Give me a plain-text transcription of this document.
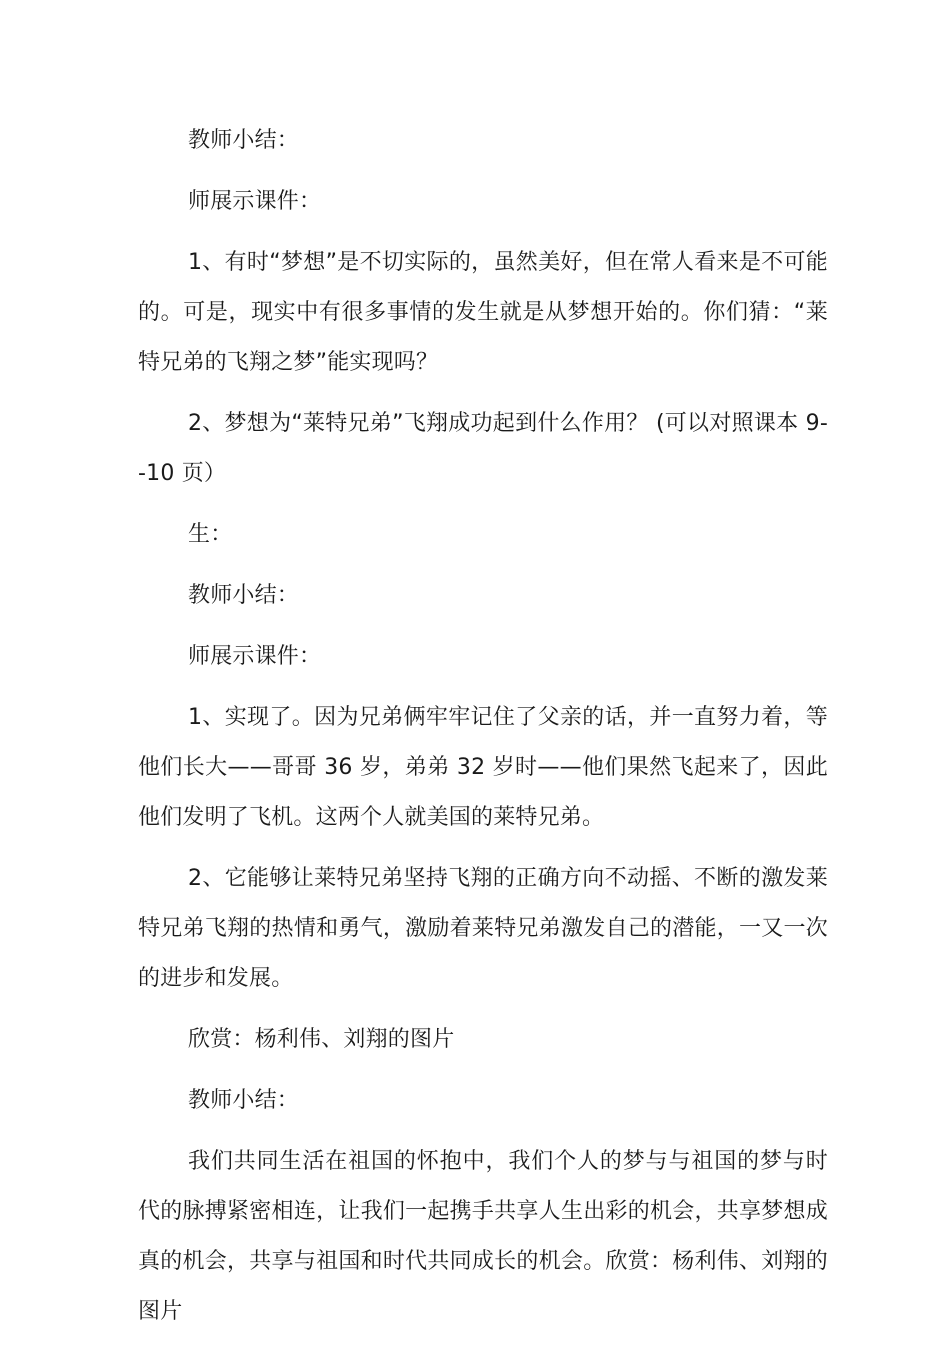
教师小结：

师展示课件：

1、有时“梦想”是不切实际的，虽然美好，但在常人看来是不可能的。可是，现实中有很多事情的发生就是从梦想开始的。你们猜：“莱特兄弟的飞翔之梦”能实现吗？

2、梦想为“莱特兄弟”飞翔成功起到什么作用？ (可以对照课本 9--10 页）

生：

教师小结：

师展示课件：

1、实现了。因为兄弟俩牢牢记住了父亲的话，并一直努力着，等他们长大——哥哥 36 岁，弟弟 32 岁时——他们果然飞起来了，因此他们发明了飞机。这两个人就美国的莱特兄弟。

2、它能够让莱特兄弟坚持飞翔的正确方向不动摇、不断的激发莱特兄弟飞翔的热情和勇气，激励着莱特兄弟激发自己的潜能，一又一次的进步和发展。

欣赏：杨利伟、刘翔的图片

教师小结：

我们共同生活在祖国的怀抱中，我们个人的梦与与祖国的梦与时代的脉搏紧密相连，让我们一起携手共享人生出彩的机会，共享梦想成真的机会，共享与祖国和时代共同成长的机会。欣赏：杨利伟、刘翔的图片
